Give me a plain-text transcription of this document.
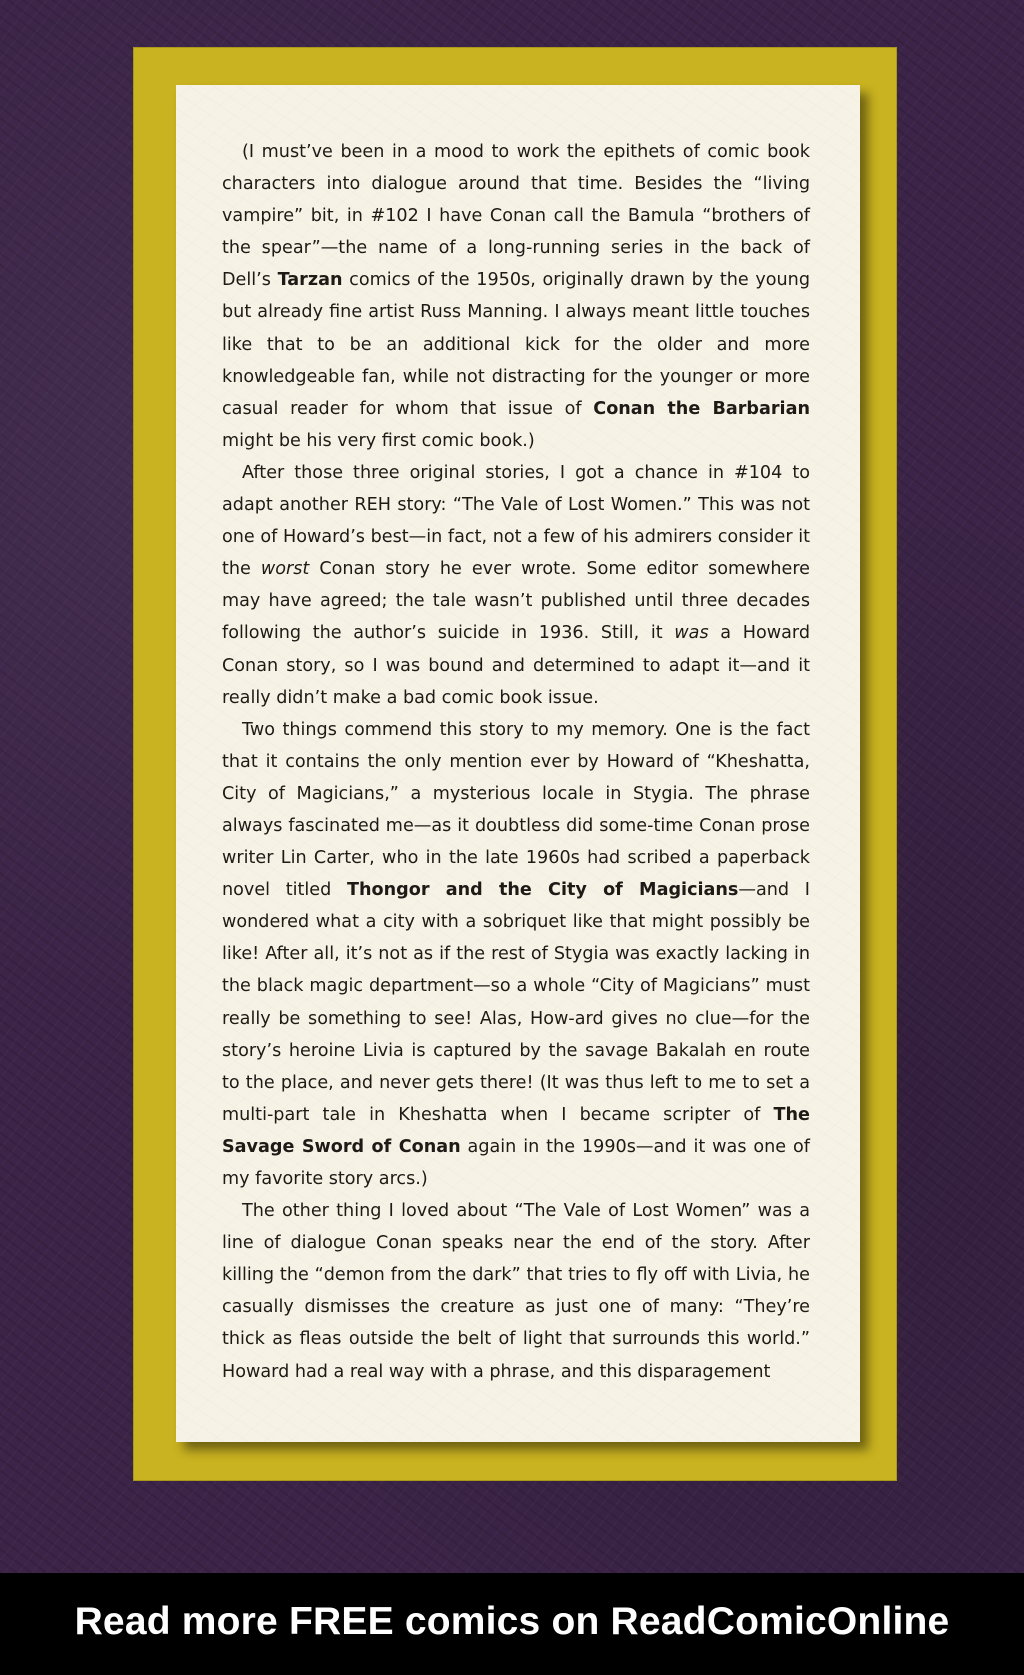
(I must’ve been in a mood to work the epithets of comic book characters into dialogue around that time. Besides the “living vampire” bit, in #102 I have Conan call the Bamula “brothers of the spear”—the name of a long-running series in the back of Dell’s Tarzan comics of the 1950s, originally drawn by the young but already fine artist Russ Manning. I always meant little touches like that to be an additional kick for the older and more knowledgeable fan, while not distracting for the younger or more casual reader for whom that issue of Conan the Barbarian might be his very first comic book.)

After those three original stories, I got a chance in #104 to adapt another REH story: “The Vale of Lost Women.” This was not one of Howard’s best—in fact, not a few of his admirers consider it the worst Conan story he ever wrote. Some editor somewhere may have agreed; the tale wasn’t published until three decades following the author’s suicide in 1936. Still, it was a Howard Conan story, so I was bound and determined to adapt it—and it really didn’t make a bad comic book issue.

Two things commend this story to my memory. One is the fact that it contains the only mention ever by Howard of “Kheshatta, City of Magicians,” a mysterious locale in Stygia. The phrase always fascinated me—as it doubtless did some-time Conan prose writer Lin Carter, who in the late 1960s had scribed a paperback novel titled Thongor and the City of Magicians—and I wondered what a city with a sobriquet like that might possibly be like! After all, it’s not as if the rest of Stygia was exactly lacking in the black magic department—so a whole “City of Magicians” must really be something to see! Alas, How-ard gives no clue—for the story’s heroine Livia is captured by the savage Bakalah en route to the place, and never gets there! (It was thus left to me to set a multi-part tale in Kheshatta when I became scripter of The Savage Sword of Conan again in the 1990s—and it was one of my favorite story arcs.)

The other thing I loved about “The Vale of Lost Women” was a line of dialogue Conan speaks near the end of the story. After killing the “demon from the dark” that tries to fly off with Livia, he casually dismisses the creature as just one of many: “They’re thick as fleas outside the belt of light that surrounds this world.” Howard had a real way with a phrase, and this disparagement

Read more FREE comics on ReadComicOnline
